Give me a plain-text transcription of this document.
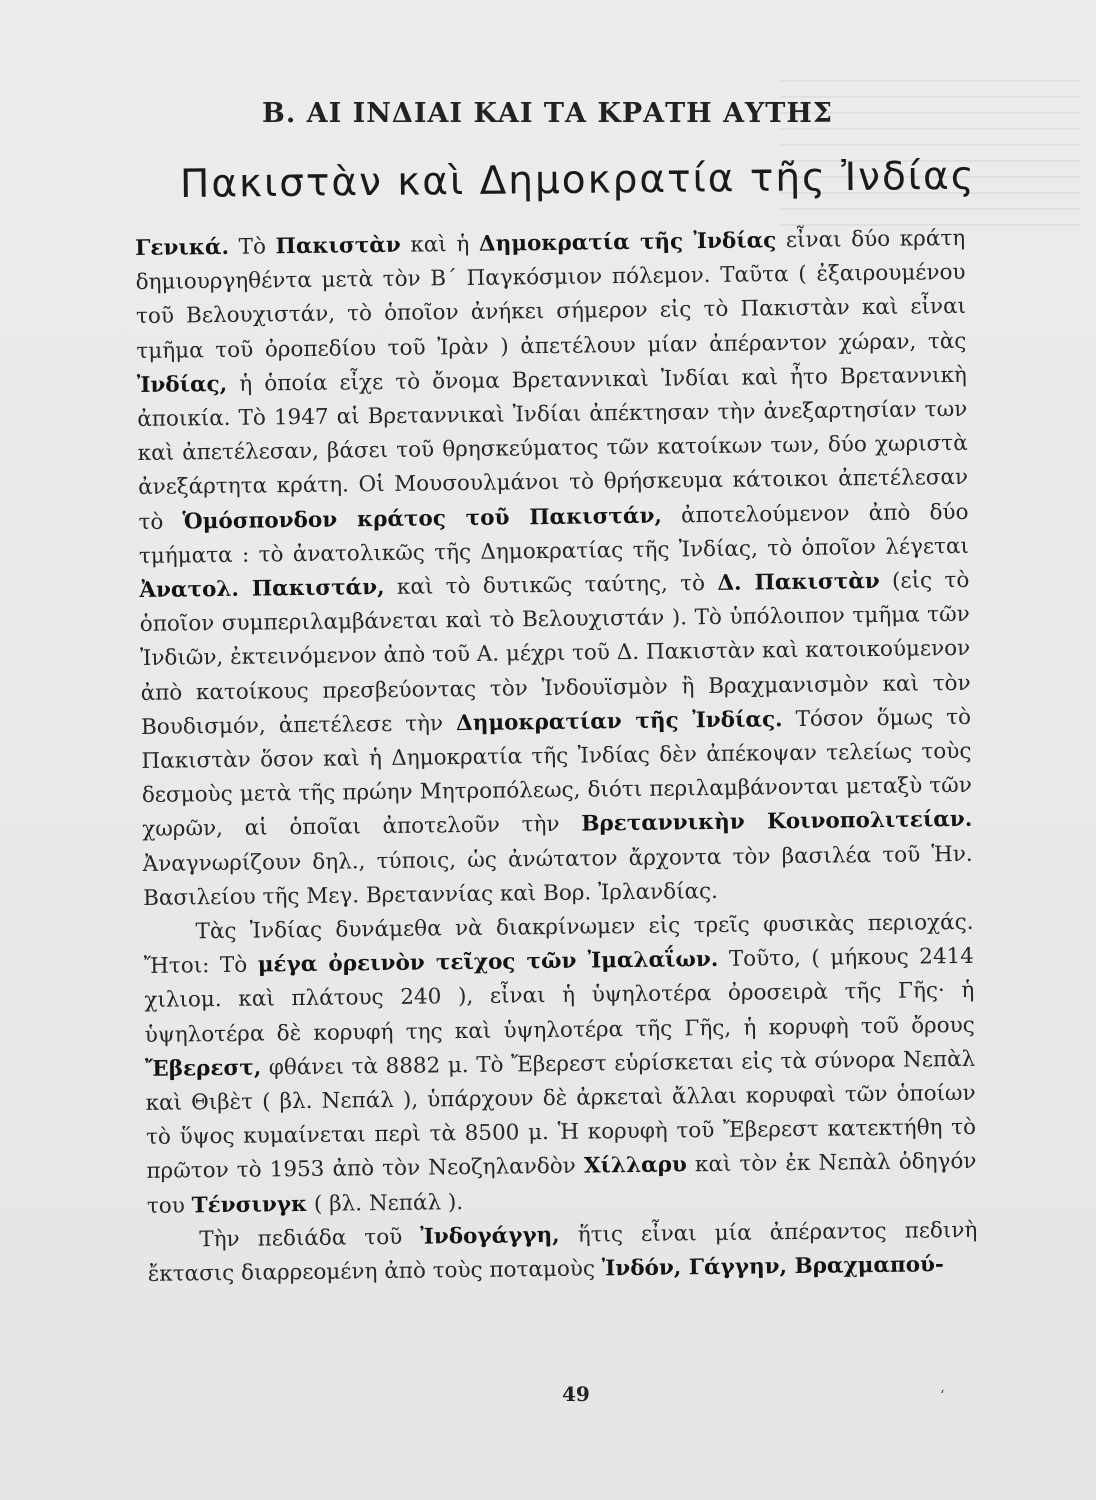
Β. ΑΙ ΙΝΔΙΑΙ ΚΑΙ ΤΑ ΚΡΑΤΗ ΑΥΤΗΣ
Πακιστὰν καὶ Δημοκρατία τῆς Ἰνδίας

Γενικά. Τὸ Πακιστὰν καὶ ἡ Δημοκρατία τῆς Ἰνδίας εἶναι δύο κράτη δημιουργηθέντα μετὰ τὸν Β΄ Παγκόσμιον πόλεμον. Ταῦτα ( ἐξαιρουμένου τοῦ Βελουχιστάν, τὸ ὁποῖον ἀνήκει σήμερον εἰς τὸ Πακιστὰν καὶ εἶναι τμῆμα τοῦ ὀροπεδίου τοῦ Ἰρὰν ) ἀπετέλουν μίαν ἀπέραντον χώραν, τὰς Ἰνδίας, ἡ ὁποία εἶχε τὸ ὄνομα Βρεταννικαὶ Ἰνδίαι καὶ ἦτο Βρεταννικὴ ἀποικία. Τὸ 1947 αἱ Βρεταννικαὶ Ἰνδίαι ἀπέκτησαν τὴν ἀνεξαρτησίαν των καὶ ἀπετέλεσαν, βάσει τοῦ θρησκεύματος τῶν κατοίκων των, δύο χωριστὰ ἀνεξάρτητα κράτη. Οἱ Μουσουλμάνοι τὸ θρήσκευμα κάτοικοι ἀπετέλεσαν τὸ Ὁμόσπονδον κράτος τοῦ Πακιστάν, ἀποτελούμενον ἀπὸ δύο τμήματα : τὸ ἀνατολικῶς τῆς Δημοκρατίας τῆς Ἰνδίας, τὸ ὁποῖον λέγεται Ἀνατολ. Πακιστάν, καὶ τὸ δυτικῶς ταύτης, τὸ Δ. Πακιστὰν (εἰς τὸ ὁποῖον συμπεριλαμβάνεται καὶ τὸ Βελουχιστάν ). Τὸ ὑπόλοιπον τμῆμα τῶν Ἰνδιῶν, ἐκτεινόμενον ἀπὸ τοῦ Α. μέχρι τοῦ Δ. Πακιστὰν καὶ κατοικούμενον ἀπὸ κατοίκους πρεσβεύοντας τὸν Ἰνδουϊσμὸν ἢ Βραχμανισμὸν καὶ τὸν Βουδισμόν, ἀπετέλεσε τὴν Δημοκρατίαν τῆς Ἰνδίας. Τόσον ὅμως τὸ Πακιστὰν ὅσον καὶ ἡ Δημοκρατία τῆς Ἰνδίας δὲν ἀπέκοψαν τελείως τοὺς δεσμοὺς μετὰ τῆς πρώην Μητροπόλεως, διότι περιλαμβάνονται μεταξὺ τῶν χωρῶν, αἱ ὁποῖαι ἀποτελοῦν τὴν Βρεταννικὴν Κοινοπολιτείαν. Ἀναγνωρίζουν δηλ., τύποις, ὡς ἀνώτατον ἄρχοντα τὸν βασιλέα τοῦ Ἡν. Βασιλείου τῆς Μεγ. Βρεταννίας καὶ Βορ. Ἰρλανδίας.

Τὰς Ἰνδίας δυνάμεθα νὰ διακρίνωμεν εἰς τρεῖς φυσικὰς περιοχάς. Ἤτοι: Τὸ μέγα ὀρεινὸν τεῖχος τῶν Ἰμαλαΐων. Τοῦτο, ( μήκους 2414 χιλιομ. καὶ πλάτους 240 ), εἶναι ἡ ὑψηλοτέρα ὀροσειρὰ τῆς Γῆς· ἡ ὑψηλοτέρα δὲ κορυφή της καὶ ὑψηλοτέρα τῆς Γῆς, ἡ κορυφὴ τοῦ ὄρους Ἔβερεστ, φθάνει τὰ 8882 μ. Τὸ Ἔβερεστ εὑρίσκεται εἰς τὰ σύνορα Νεπὰλ καὶ Θιβὲτ ( βλ. Νεπάλ ), ὑπάρχουν δὲ ἀρκεταὶ ἄλλαι κορυφαὶ τῶν ὁποίων τὸ ὕψος κυμαίνεται περὶ τὰ 8500 μ. Ἡ κορυφὴ τοῦ Ἔβερεστ κατεκτήθη τὸ πρῶτον τὸ 1953 ἀπὸ τὸν Νεοζηλανδὸν Χίλλαρυ καὶ τὸν ἐκ Νεπὰλ ὁδηγόν του Τένσινγκ ( βλ. Νεπάλ ).

Τὴν πεδιάδα τοῦ Ἰνδογάγγη, ἥτις εἶναι μία ἀπέραντος πεδινὴ ἔκτασις διαρρεομένη ἀπὸ τοὺς ποταμοὺς Ἰνδόν, Γάγγην, Βραχμαπού-

49	ʻ
